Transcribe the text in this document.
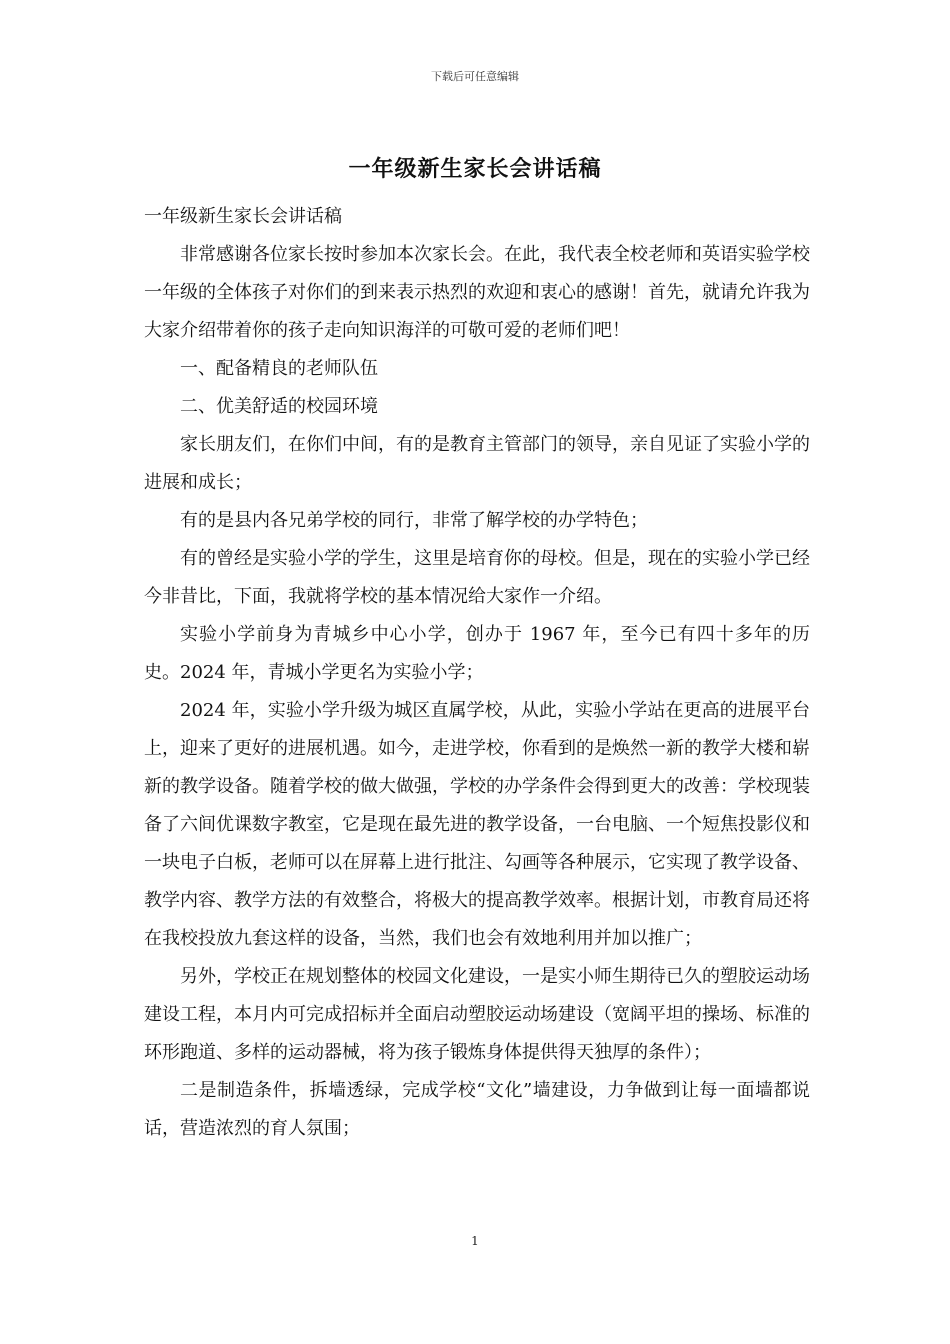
下载后可任意编辑
一年级新生家长会讲话稿

一年级新生家长会讲话稿

非常感谢各位家长按时参加本次家长会。在此，我代表全校老师和英语实验学校一年级的全体孩子对你们的到来表示热烈的欢迎和衷心的感谢！首先，就请允许我为大家介绍带着你的孩子走向知识海洋的可敬可爱的老师们吧！

一、配备精良的老师队伍

二、优美舒适的校园环境

家长朋友们，在你们中间，有的是教育主管部门的领导，亲自见证了实验小学的进展和成长；

有的是县内各兄弟学校的同行，非常了解学校的办学特色；

有的曾经是实验小学的学生，这里是培育你的母校。但是，现在的实验小学已经今非昔比，下面，我就将学校的基本情况给大家作一介绍。

实验小学前身为青城乡中心小学，创办于 1967 年，至今已有四十多年的历史。2024 年，青城小学更名为实验小学；

2024 年，实验小学升级为城区直属学校，从此，实验小学站在更高的进展平台上，迎来了更好的进展机遇。如今，走进学校，你看到的是焕然一新的教学大楼和崭新的教学设备。随着学校的做大做强，学校的办学条件会得到更大的改善：学校现装备了六间优课数字教室，它是现在最先进的教学设备，一台电脑、一个短焦投影仪和一块电子白板，老师可以在屏幕上进行批注、勾画等各种展示，它实现了教学设备、教学内容、教学方法的有效整合，将极大的提高教学效率。根据计划，市教育局还将在我校投放九套这样的设备，当然，我们也会有效地利用并加以推广；

另外，学校正在规划整体的校园文化建设，一是实小师生期待已久的塑胶运动场建设工程，本月内可完成招标并全面启动塑胶运动场建设（宽阔平坦的操场、标准的环形跑道、多样的运动器械，将为孩子锻炼身体提供得天独厚的条件）；

二是制造条件，拆墙透绿，完成学校“文化”墙建设，力争做到让每一面墙都说话，营造浓烈的育人氛围；

1
